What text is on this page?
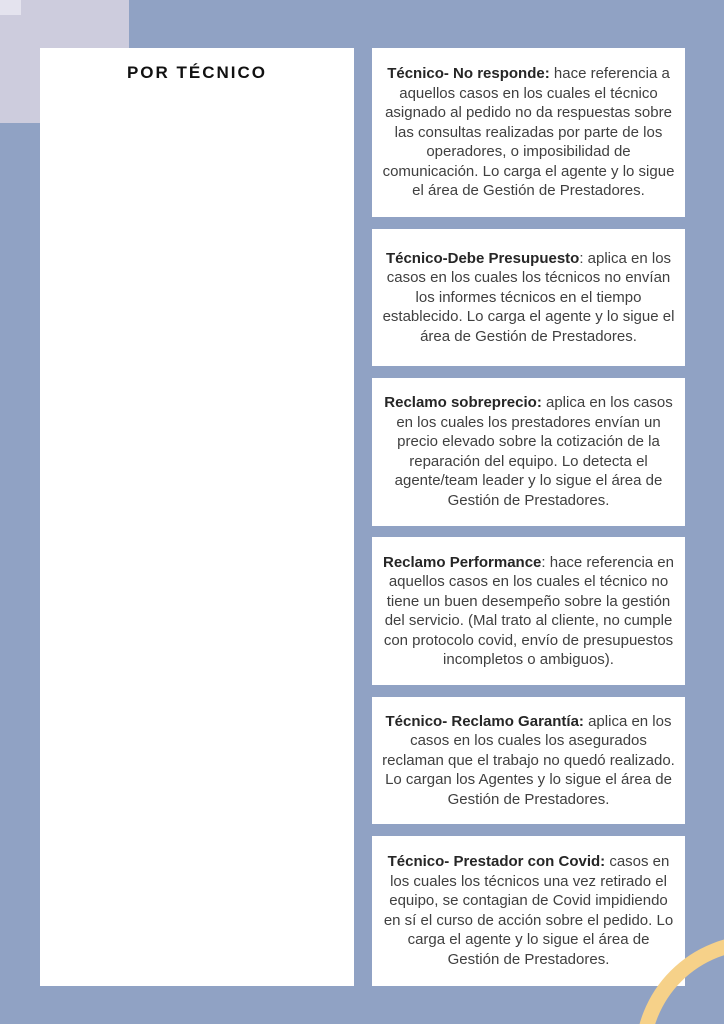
POR TÉCNICO	Técnico- No responde: hace referencia a aquellos casos en los cuales el técnico asignado al pedido no da respuestas sobre las consultas realizadas por parte de los operadores, o imposibilidad de comunicación. Lo carga el agente y lo sigue el área de Gestión de Prestadores.

Técnico-Debe Presupuesto: aplica en los casos en los cuales los técnicos no envían los informes técnicos en el tiempo establecido. Lo carga el agente y lo sigue el área de Gestión de Prestadores.

Reclamo sobreprecio: aplica en los casos en los cuales los prestadores envían un precio elevado sobre la cotización de la reparación del equipo. Lo detecta el agente/team leader y lo sigue el área de Gestión de Prestadores.

Reclamo Performance: hace referencia en aquellos casos en los cuales el técnico no tiene un buen desempeño sobre la gestión del servicio. (Mal trato al cliente, no cumple con protocolo covid, envío de presupuestos incompletos o ambiguos).

Técnico- Reclamo Garantía: aplica en los casos en los cuales los asegurados reclaman que el trabajo no quedó realizado. Lo cargan los Agentes y lo sigue el área de Gestión de Prestadores.

Técnico- Prestador con Covid: casos en los cuales los técnicos una vez retirado el equipo, se contagian de Covid impidiendo en sí el curso de acción sobre el pedido. Lo carga el agente y lo sigue el área de Gestión de Prestadores.
